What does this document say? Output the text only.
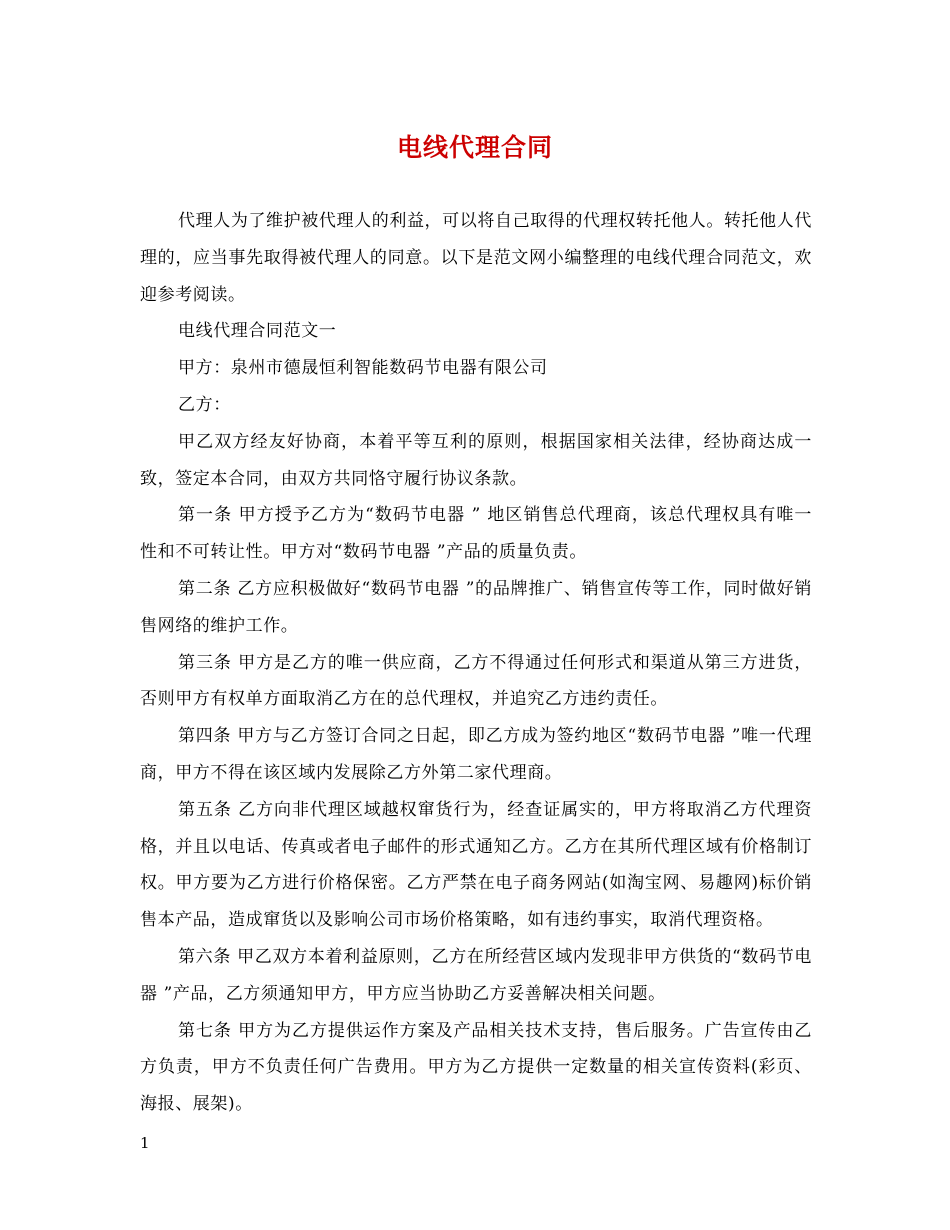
电线代理合同

代理人为了维护被代理人的利益，可以将自己取得的代理权转托他人。转托他人代理的，应当事先取得被代理人的同意。以下是范文网小编整理的电线代理合同范文，欢迎参考阅读。

电线代理合同范文一

甲方：泉州市德晟恒利智能数码节电器有限公司

乙方：

甲乙双方经友好协商，本着平等互利的原则，根据国家相关法律，经协商达成一致，签定本合同，由双方共同恪守履行协议条款。

第一条 甲方授予乙方为“数码节电器 ” 地区销售总代理商，该总代理权具有唯一性和不可转让性。甲方对“数码节电器 ”产品的质量负责。

第二条 乙方应积极做好“数码节电器 ”的品牌推广、销售宣传等工作，同时做好销售网络的维护工作。

第三条 甲方是乙方的唯一供应商，乙方不得通过任何形式和渠道从第三方进货，否则甲方有权单方面取消乙方在的总代理权，并追究乙方违约责任。

第四条 甲方与乙方签订合同之日起，即乙方成为签约地区“数码节电器 ”唯一代理商，甲方不得在该区域内发展除乙方外第二家代理商。

第五条 乙方向非代理区域越权窜货行为，经查证属实的，甲方将取消乙方代理资格，并且以电话、传真或者电子邮件的形式通知乙方。乙方在其所代理区域有价格制订权。甲方要为乙方进行价格保密。乙方严禁在电子商务网站(如淘宝网、易趣网)标价销售本产品，造成窜货以及影响公司市场价格策略，如有违约事实，取消代理资格。

第六条 甲乙双方本着利益原则，乙方在所经营区域内发现非甲方供货的“数码节电器 ”产品，乙方须通知甲方，甲方应当协助乙方妥善解决相关问题。

第七条 甲方为乙方提供运作方案及产品相关技术支持，售后服务。广告宣传由乙方负责，甲方不负责任何广告费用。甲方为乙方提供一定数量的相关宣传资料(彩页、海报、展架)。

1
